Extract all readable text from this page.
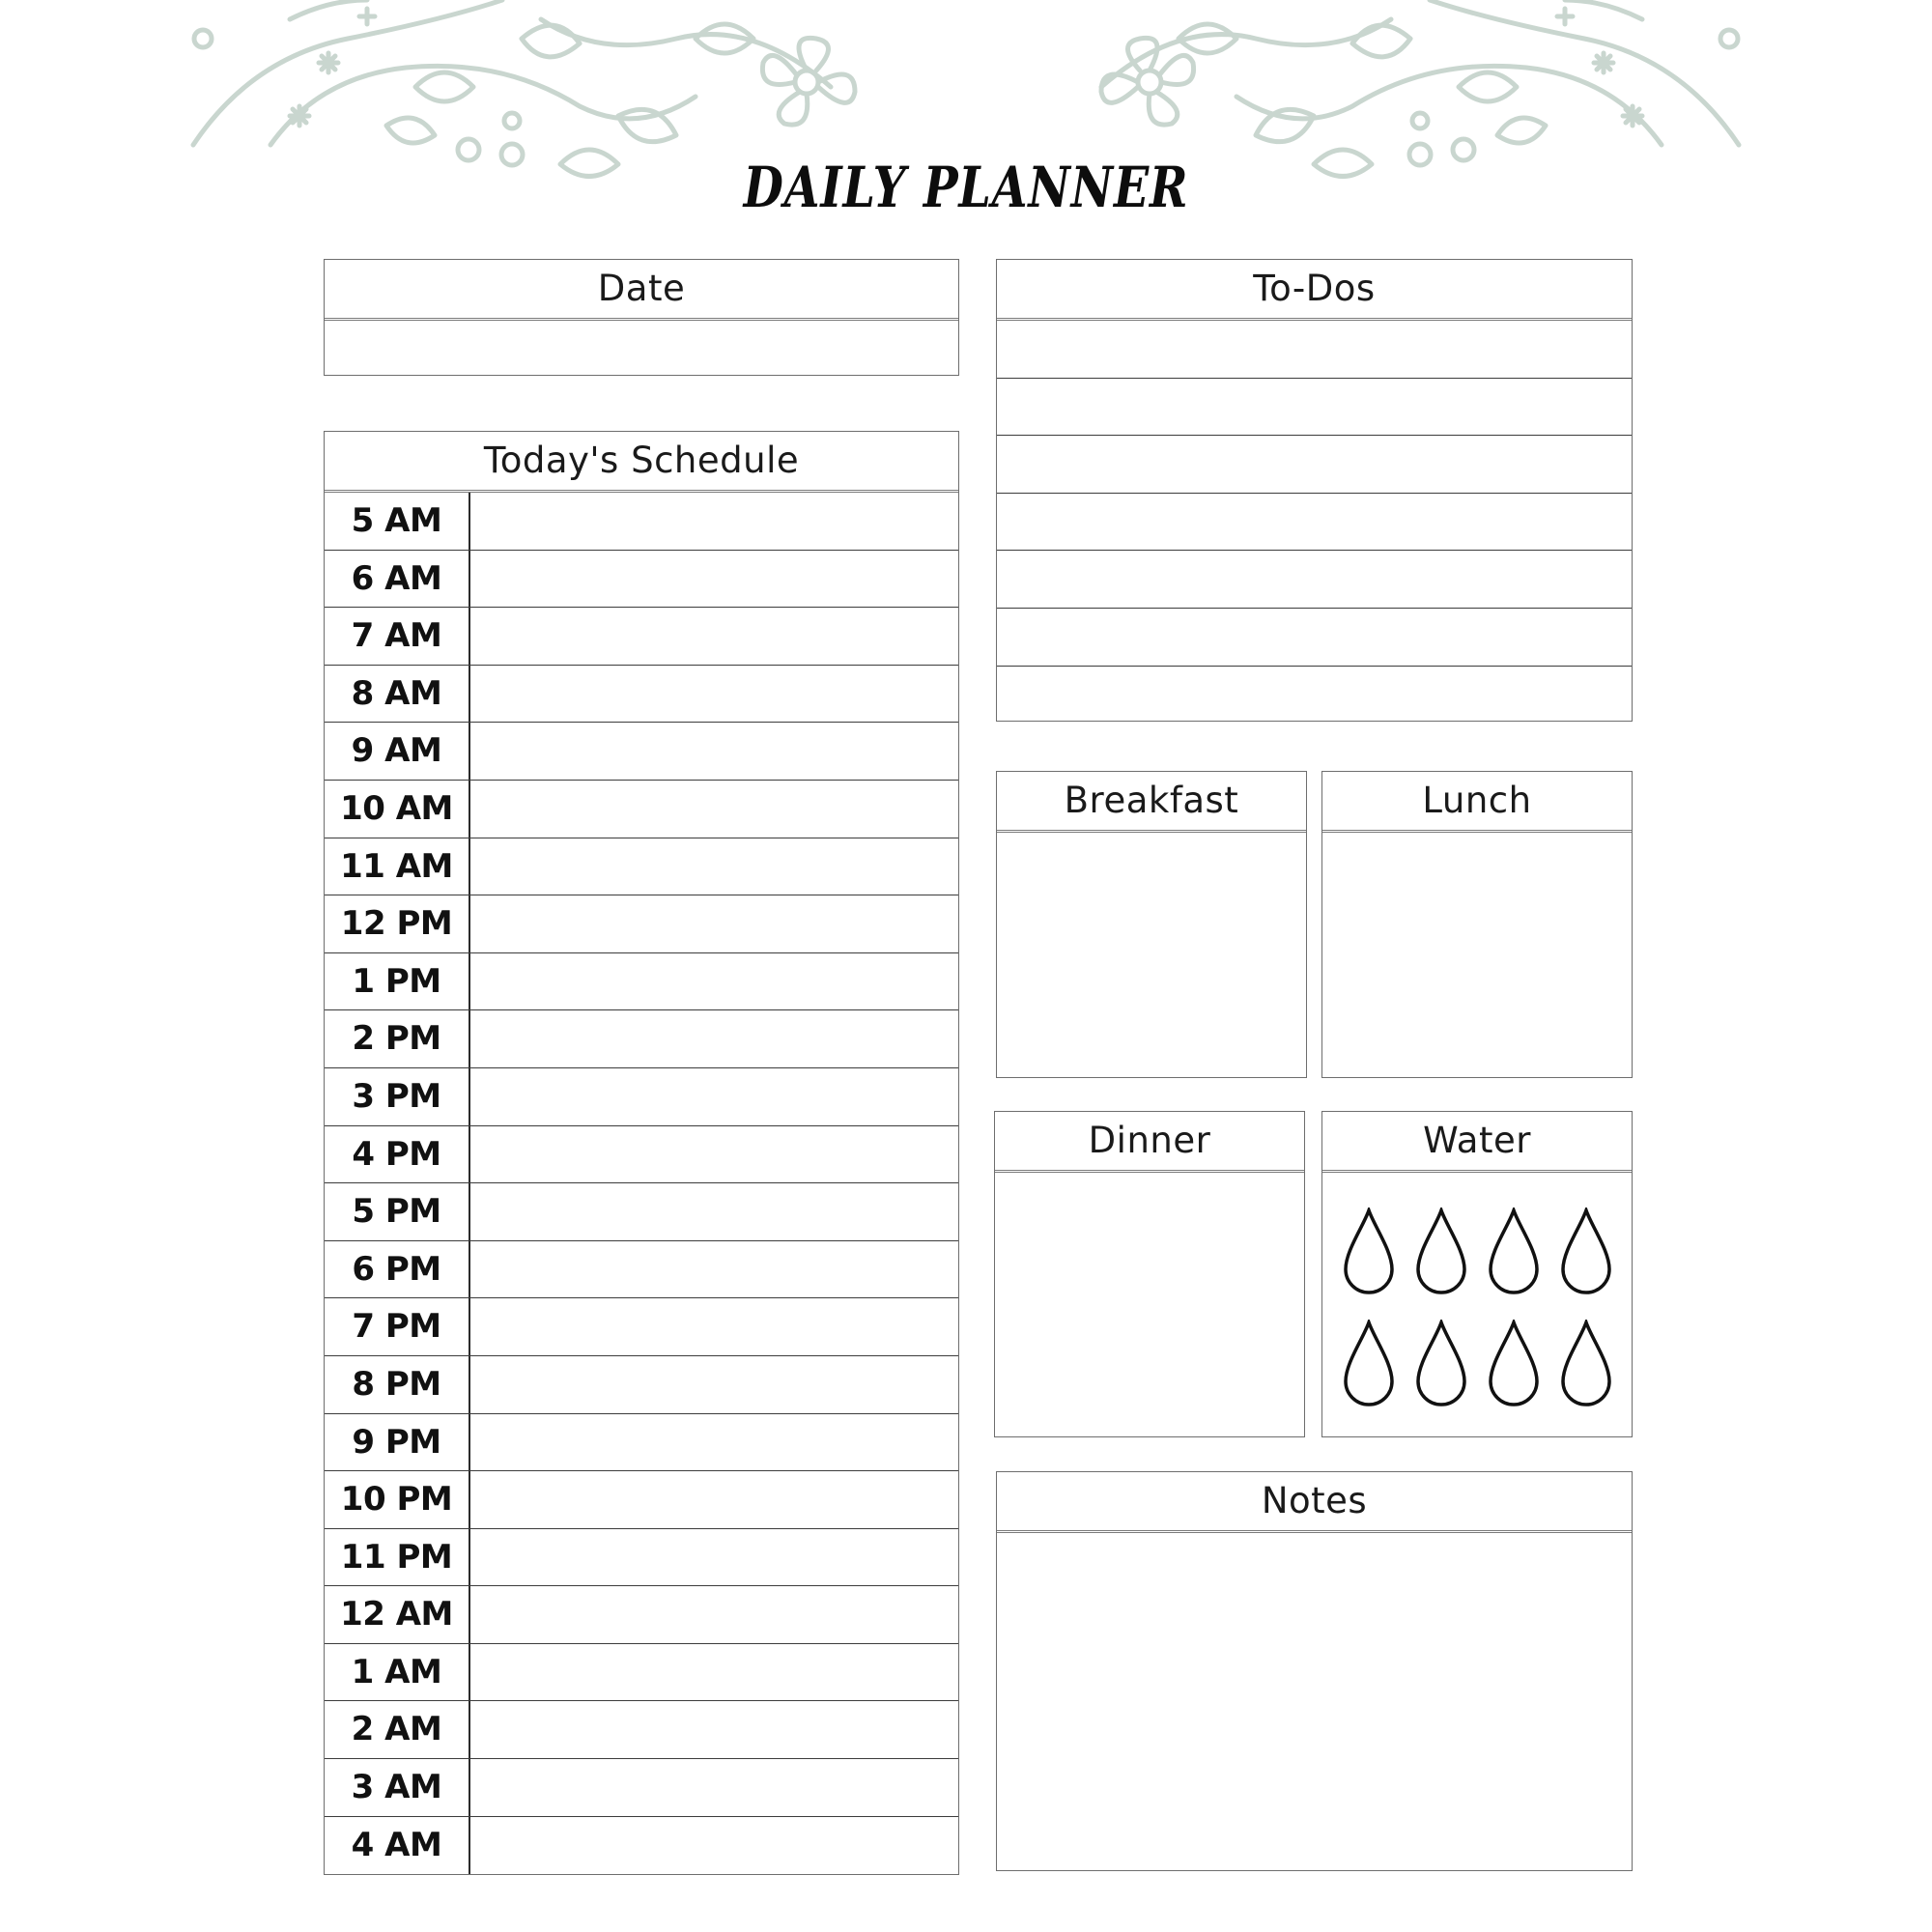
DAILY PLANNER
Date
Today's Schedule
5 AM
6 AM
7 AM
8 AM
9 AM
10 AM
11 AM
12 PM
1 PM
2 PM
3 PM
4 PM
5 PM
6 PM
7 PM
8 PM
9 PM
10 PM
11 PM
12 AM
1 AM
2 AM
3 AM
4 AM
To-Dos
Breakfast	Lunch
Dinner	Water
Notes
